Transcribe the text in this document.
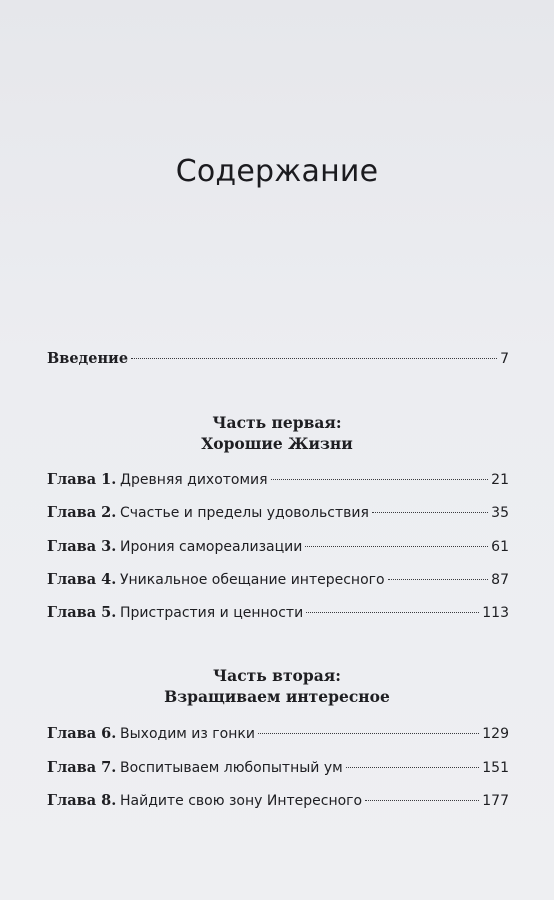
Содержание
Введение	7

Часть первая:

Хорошие Жизни

Глава 1. Древняя дихотомия	21
Глава 2. Счастье и пределы удовольствия	35
Глава 3. Ирония самореализации	61
Глава 4. Уникальное обещание интересного	87
Глава 5. Пристрастия и ценности	113

Часть вторая:

Взращиваем интересное

Глава 6. Выходим из гонки	129
Глава 7. Воспитываем любопытный ум	151
Глава 8. Найдите свою зону Интересного	177
